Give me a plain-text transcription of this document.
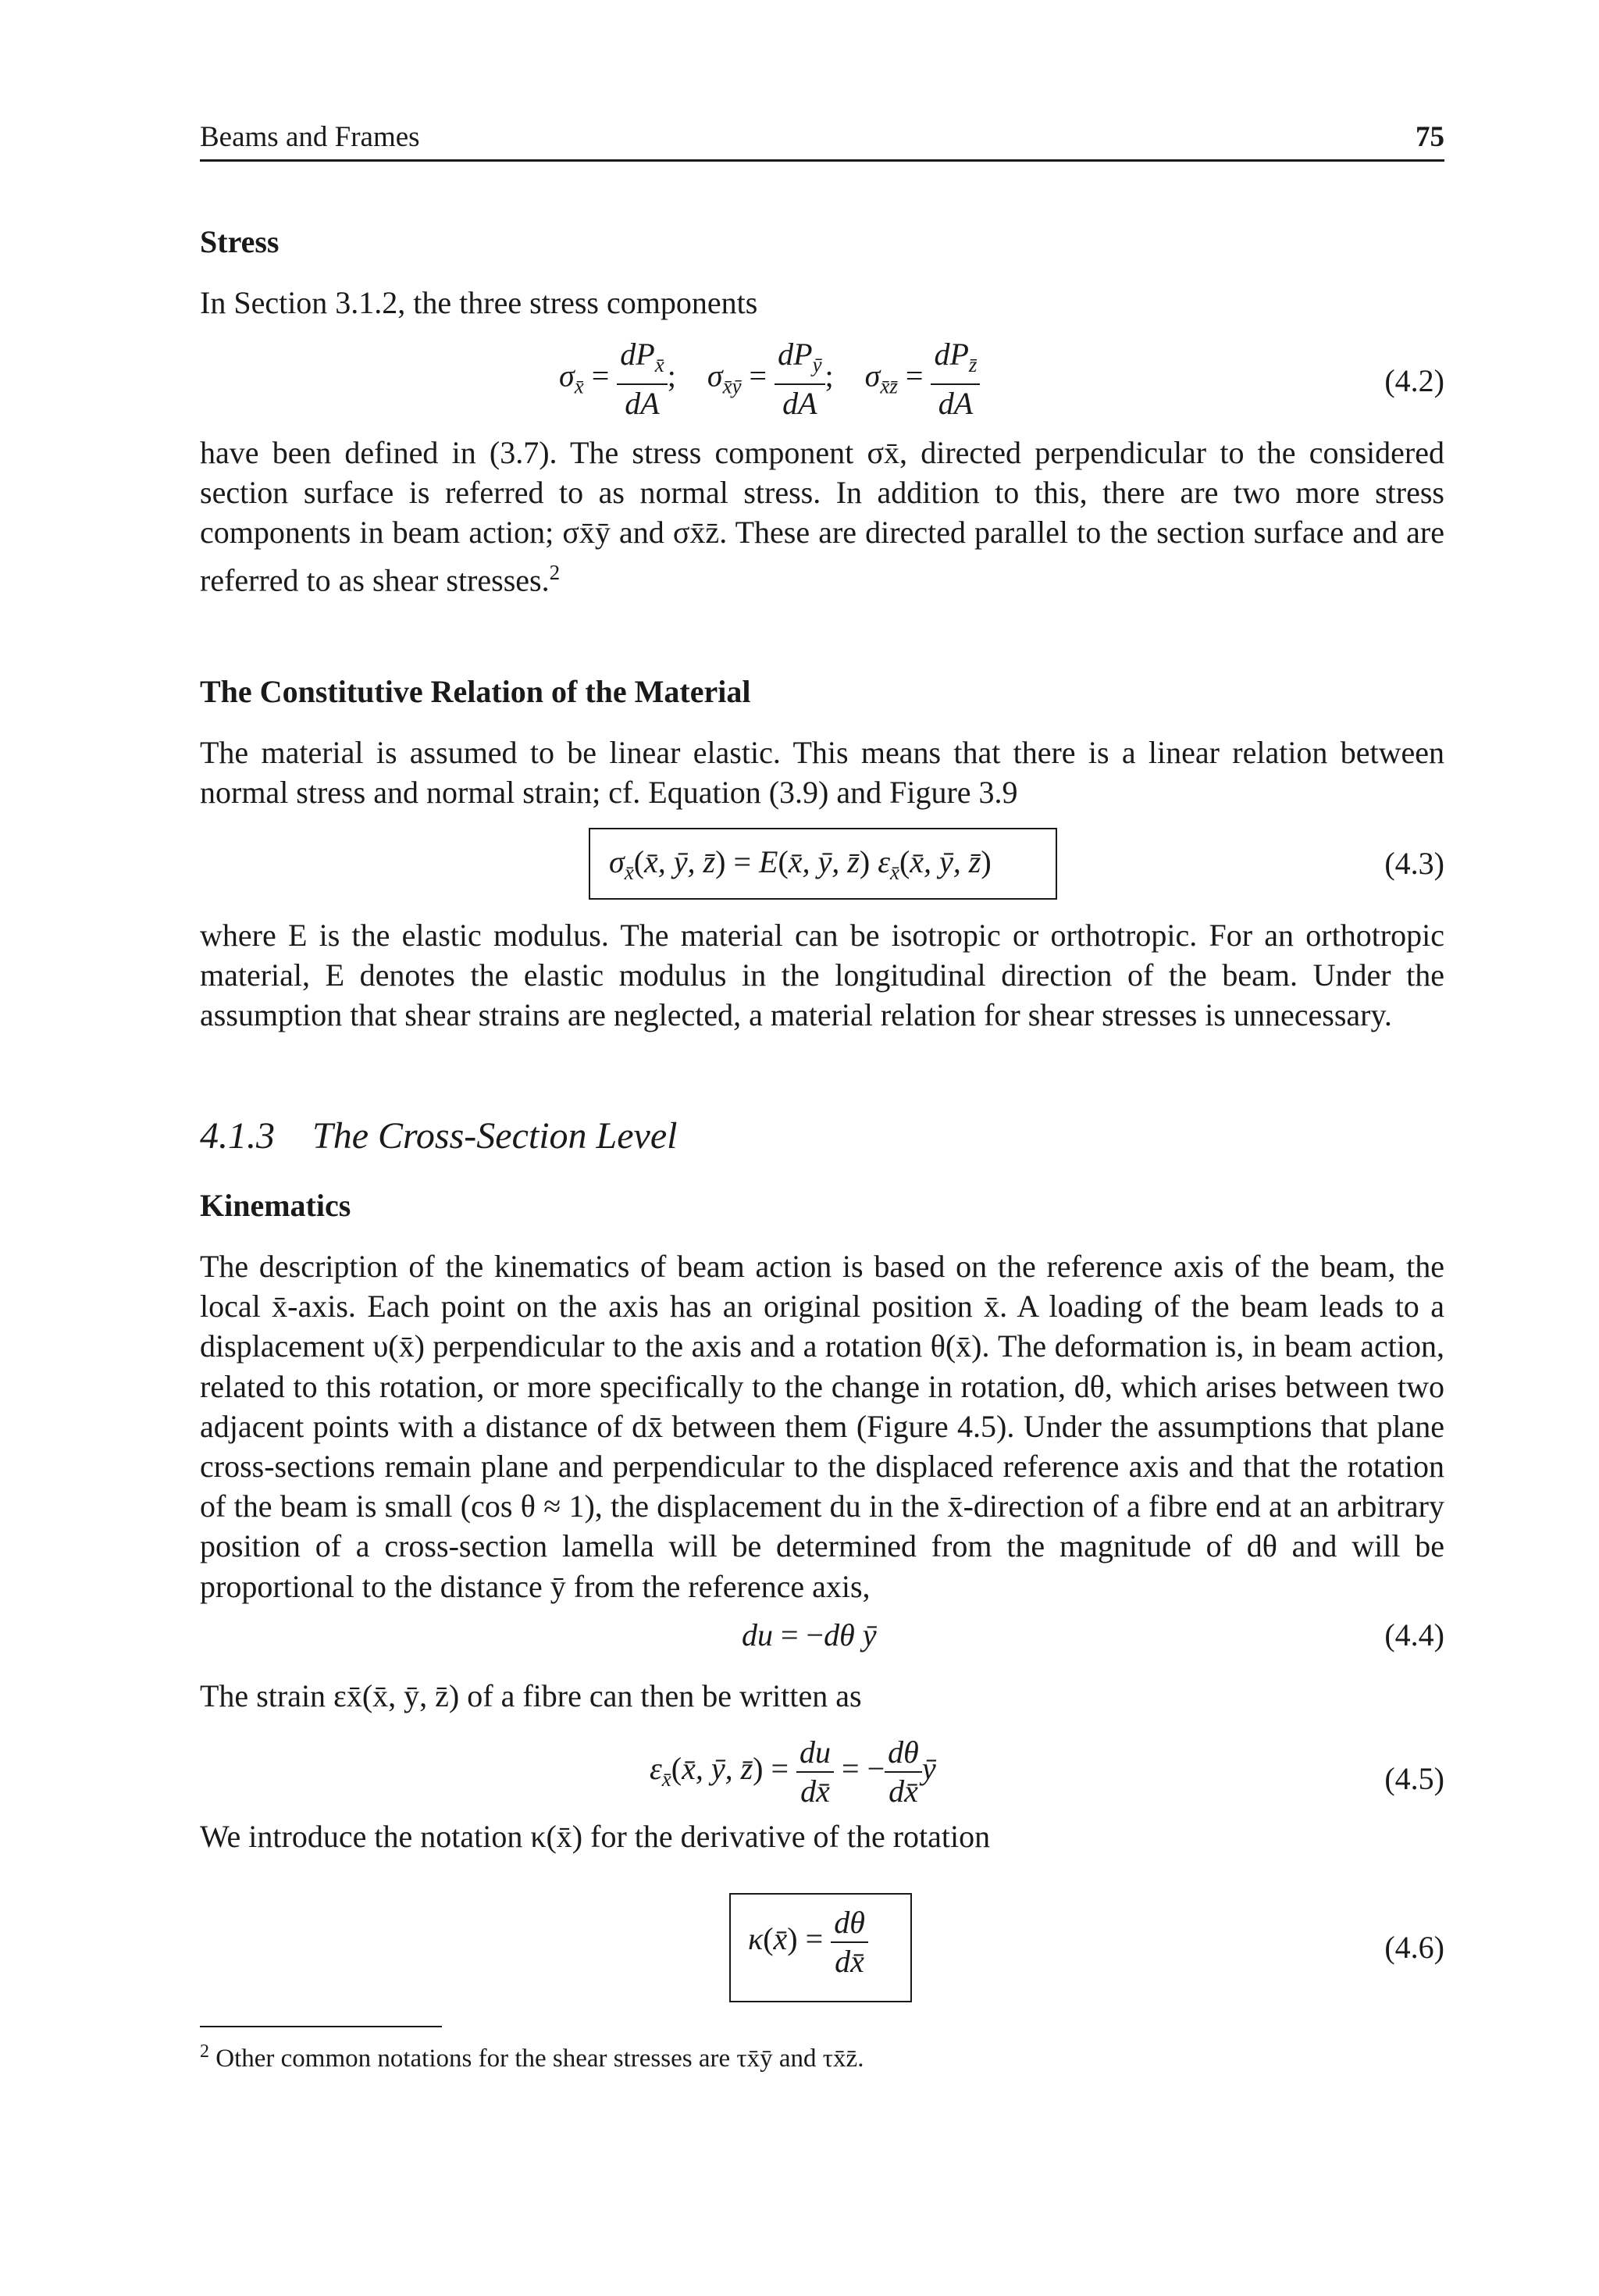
Beams and Frames	75
Stress
In Section 3.1.2, the three stress components
$\sigma_{x̄} = \frac{dP_{x̄}}{dA}$ ;    $\sigma_{x̄ȳ} = \frac{dP_ȳ}{dA}$ ;    $\sigma_{x̄z̄} = \frac{dP_{z̄}}{dA}$	(4.2)
have been defined in (3.7). The stress component σx̄, directed perpendicular to the considered section surface is referred to as normal stress. In addition to this, there are two more stress components in beam action; σx̄ȳ and σx̄z̄. These are directed parallel to the section surface and are referred to as shear stresses.$^2$
The Constitutive Relation of the Material
The material is assumed to be linear elastic. This means that there is a linear relation between normal stress and normal strain; cf. Equation (3.9) and Figure 3.9
$\sigma_{x̄}(x̄$, ȳ, z̄) = E(x̄, ȳ, z̄) $\varepsilon_{x̄}(x̄$, ȳ, z̄)	(4.3)
where E is the elastic modulus. The material can be isotropic or orthotropic. For an orthotropic material, E denotes the elastic modulus in the longitudinal direction of the beam. Under the assumption that shear strains are neglected, a material relation for shear stresses is unnecessary.
4.1.3 The Cross-Section Level
Kinematics
The description of the kinematics of beam action is based on the reference axis of the beam, the local x̄-axis. Each point on the axis has an original position x̄. A loading of the beam leads to a displacement υ(x̄) perpendicular to the axis and a rotation θ(x̄). The deformation is, in beam action, related to this rotation, or more specifically to the change in rotation, dθ, which arises between two adjacent points with a distance of dx̄ between them (Figure 4.5). Under the assumptions that plane cross-sections remain plane and perpendicular to the displaced reference axis and that the rotation of the beam is small (cos θ ≈ 1), the displacement du in the x̄-direction of a fibre end at an arbitrary position of a cross-section lamella will be determined from the magnitude of dθ and will be proportional to the distance ȳ from the reference axis,
du = −dθ ȳ	(4.4)
The strain εx̄(x̄, ȳ, z̄) of a fibre can then be written as
$\varepsilon_{x̄}(x̄$, ȳ, z̄) = $\frac{du}{dx̄}$ = − $\frac{d\theta}{dx̄}$ ȳ	(4.5)
We introduce the notation κ(x̄) for the derivative of the rotation
κ(x̄) = $\frac{d\theta}{dx̄}$	(4.6)
$^2$ Other common notations for the shear stresses are τx̄ȳ and τx̄z̄.
